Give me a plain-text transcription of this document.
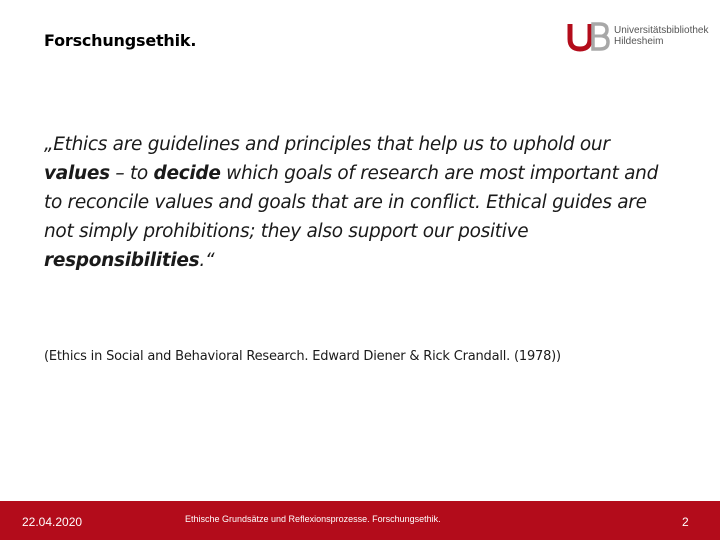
Forschungsethik.
Universitätsbibliothek
Hildesheim
„Ethics are guidelines and principles that help us to uphold our values – to decide which goals of research are most important and to reconcile values and goals that are in conflict. Ethical guides are not simply prohibitions; they also support our positive responsibilities.“
(Ethics in Social and Behavioral Research. Edward Diener & Rick Crandall. (1978))
22.04.2020	Ethische Grundsätze und Reflexionsprozesse. Forschungsethik.	2
